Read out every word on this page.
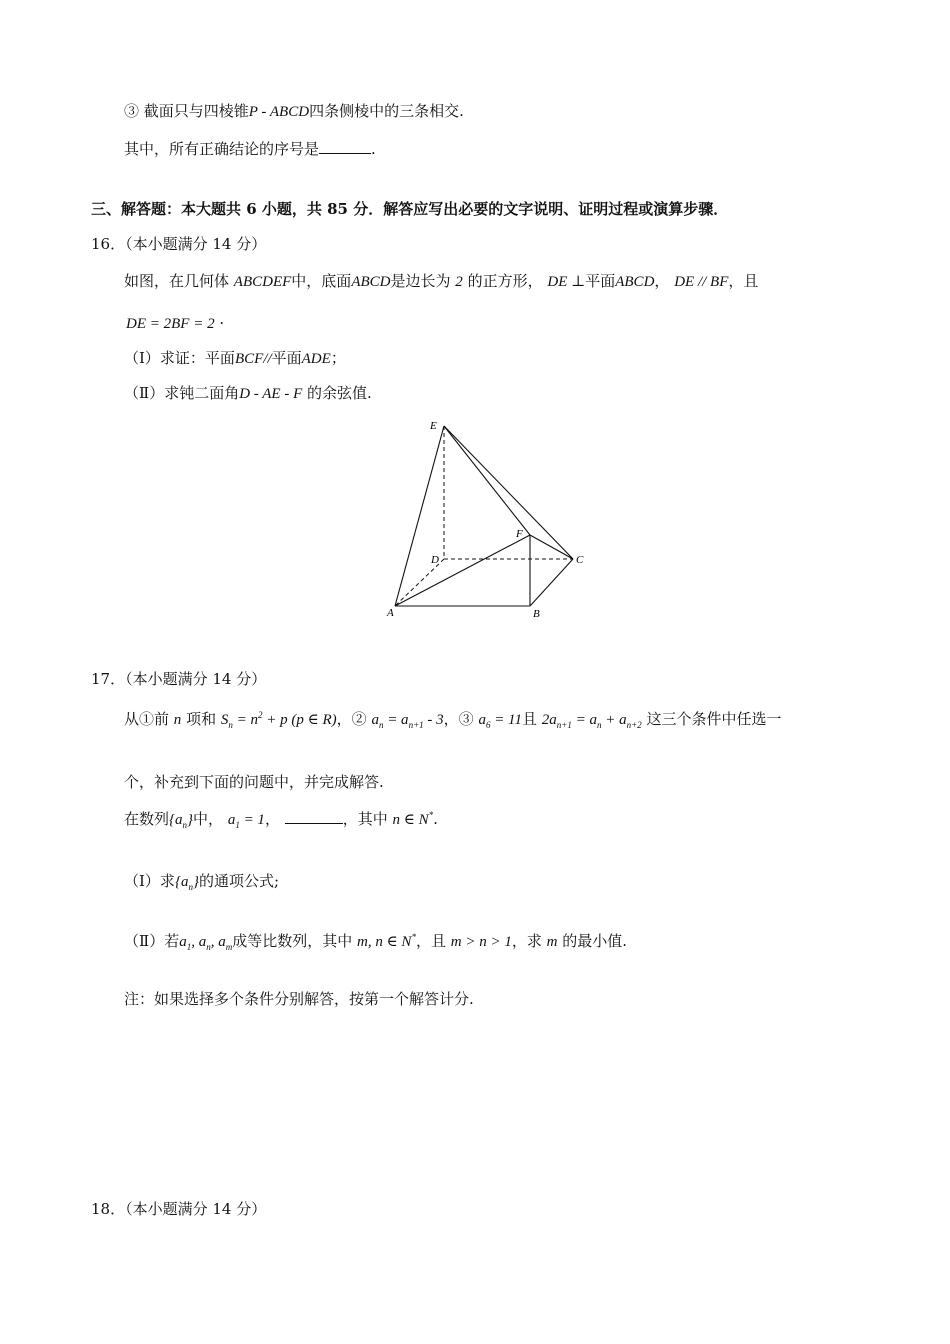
③ 截面只与四棱锥P - ABCD四条侧棱中的三条相交.
其中，所有正确结论的序号是	.
三、解答题：本大题共 6 小题，共 85 分．解答应写出必要的文字说明、证明过程或演算步骤．
16．（本小题满分 14 分）
如图，在几何体 ABCDEF中，底面ABCD是边长为 2 的正方形， DE ⊥平面ABCD， DE // BF，且
DE = 2BF = 2 ·
（Ⅰ）求证：平面BCF//平面ADE；
（Ⅱ）求钝二面角D - AE - F 的余弦值.
E
F
D	C
A	B
17．（本小题满分 14 分）
从①前 n 项和 $S_n = n^2 + p$ (p ∈ R)，② $a_n = a_{n+1} - 3$，③ $a_6 = 11$且 $2a_{n+1} = a_n + a_{n+2}$ 这三个条件中任选一
个，补充到下面的问题中，并完成解答.
在数列$\{a_n\}$中， $a_1 = 1$，	，其中 n ∈ N*.
（Ⅰ）求$\{a_n\}$的通项公式;
（Ⅱ）若$a_1$, $a_n$, $a_m$成等比数列，其中 m, n ∈ N*，且 m > n > 1，求 m 的最小值.
注：如果选择多个条件分别解答，按第一个解答计分.
18．（本小题满分 14 分）
